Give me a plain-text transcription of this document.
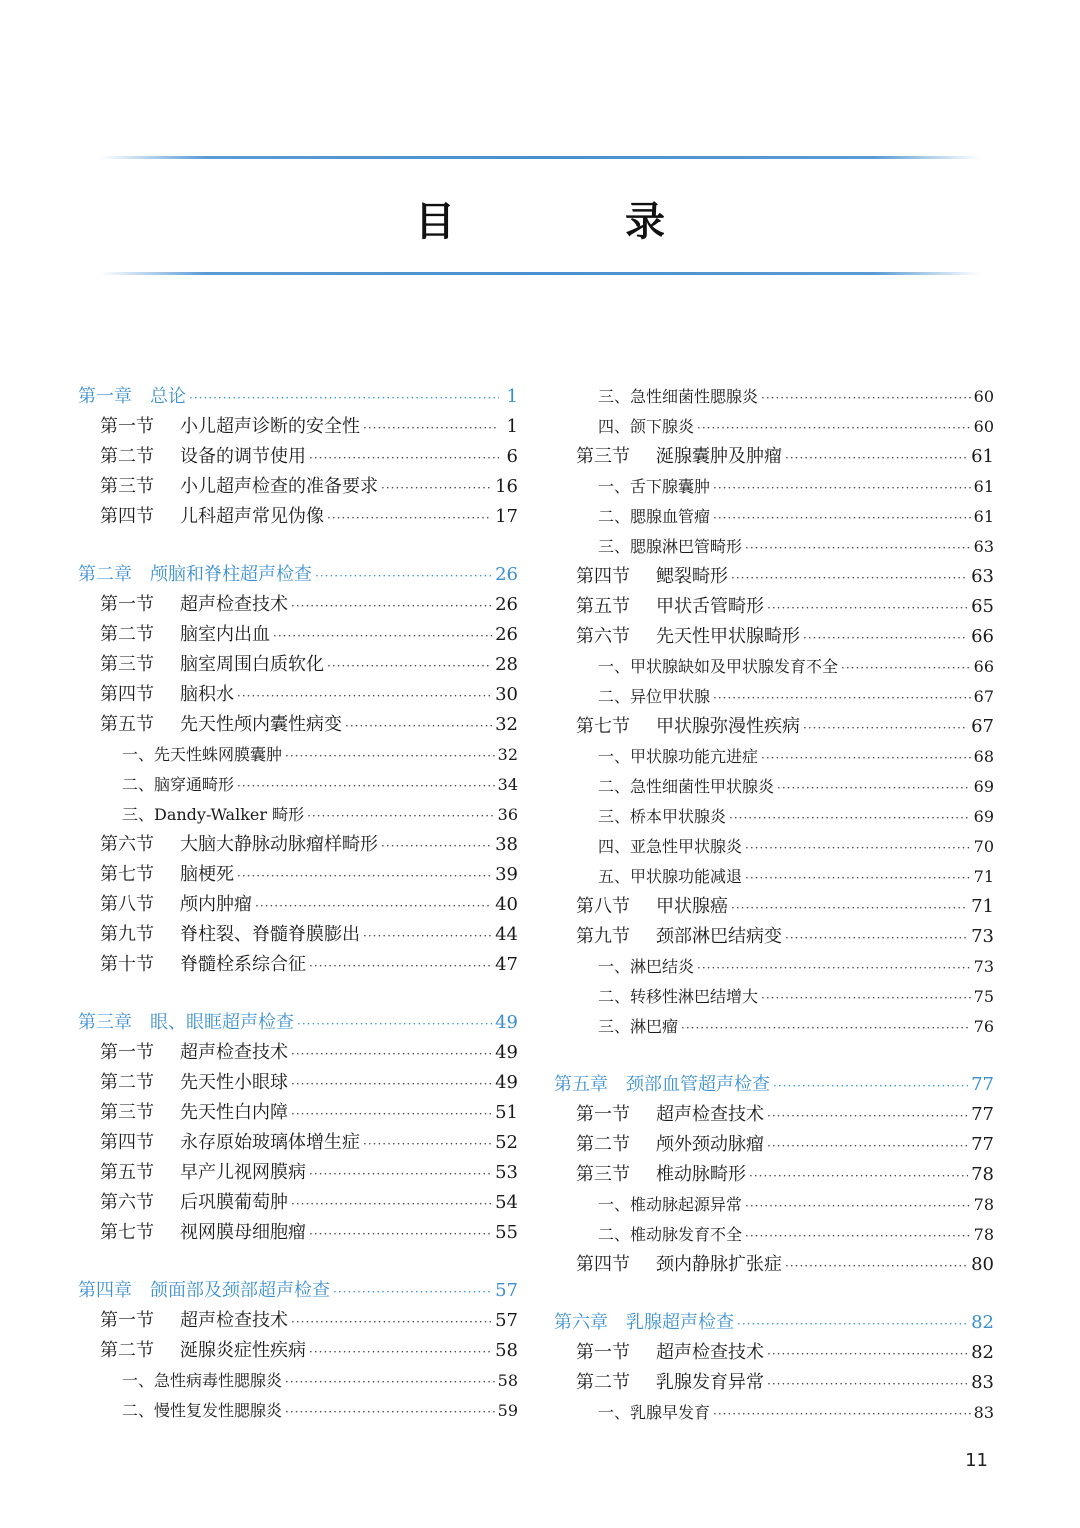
目 录
第一章 总论 ·····	1
第一节 小儿超声诊断的安全性 ·····	1
第二节 设备的调节使用 ·····	6
第三节 小儿超声检查的准备要求 ·····	16
第四节 儿科超声常见伪像 ·····	17
第二章 颅脑和脊柱超声检查 ·····	26
第一节 超声检查技术 ·····	26
第二节 脑室内出血 ·····	26
第三节 脑室周围白质软化 ·····	28
第四节 脑积水 ·····	30
第五节 先天性颅内囊性病变 ·····	32
一、先天性蛛网膜囊肿 ·····	32
二、脑穿通畸形 ·····	34
三、Dandy-Walker 畸形 ·····	36
第六节 大脑大静脉动脉瘤样畸形 ·····	38
第七节 脑梗死 ·····	39
第八节 颅内肿瘤 ·····	40
第九节 脊柱裂、脊髓脊膜膨出 ·····	44
第十节 脊髓栓系综合征 ·····	47
第三章 眼、眼眶超声检查 ·····	49
第一节 超声检查技术 ·····	49
第二节 先天性小眼球 ·····	49
第三节 先天性白内障 ·····	51
第四节 永存原始玻璃体增生症 ·····	52
第五节 早产儿视网膜病 ·····	53
第六节 后巩膜葡萄肿 ·····	54
第七节 视网膜母细胞瘤 ·····	55
第四章 颌面部及颈部超声检查 ·····	57
第一节 超声检查技术 ·····	57
第二节 涎腺炎症性疾病 ·····	58
一、急性病毒性腮腺炎 ·····	58
二、慢性复发性腮腺炎 ·····	59
三、急性细菌性腮腺炎 ·····	60
四、颌下腺炎 ·····	60
第三节 涎腺囊肿及肿瘤 ·····	61
一、舌下腺囊肿 ·····	61
二、腮腺血管瘤 ·····	61
三、腮腺淋巴管畸形 ·····	63
第四节 鳃裂畸形 ·····	63
第五节 甲状舌管畸形 ·····	65
第六节 先天性甲状腺畸形 ·····	66
一、甲状腺缺如及甲状腺发育不全 ·····	66
二、异位甲状腺 ·····	67
第七节 甲状腺弥漫性疾病 ·····	67
一、甲状腺功能亢进症 ·····	68
二、急性细菌性甲状腺炎 ·····	69
三、桥本甲状腺炎 ·····	69
四、亚急性甲状腺炎 ·····	70
五、甲状腺功能减退 ·····	71
第八节 甲状腺癌 ·····	71
第九节 颈部淋巴结病变 ·····	73
一、淋巴结炎 ·····	73
二、转移性淋巴结增大 ·····	75
三、淋巴瘤 ·····	76
第五章 颈部血管超声检查 ·····	77
第一节 超声检查技术 ·····	77
第二节 颅外颈动脉瘤 ·····	77
第三节 椎动脉畸形 ·····	78
一、椎动脉起源异常 ·····	78
二、椎动脉发育不全 ·····	78
第四节 颈内静脉扩张症 ·····	80
第六章 乳腺超声检查 ·····	82
第一节 超声检查技术 ·····	82
第二节 乳腺发育异常 ·····	83
一、乳腺早发育 ·····	83
11
